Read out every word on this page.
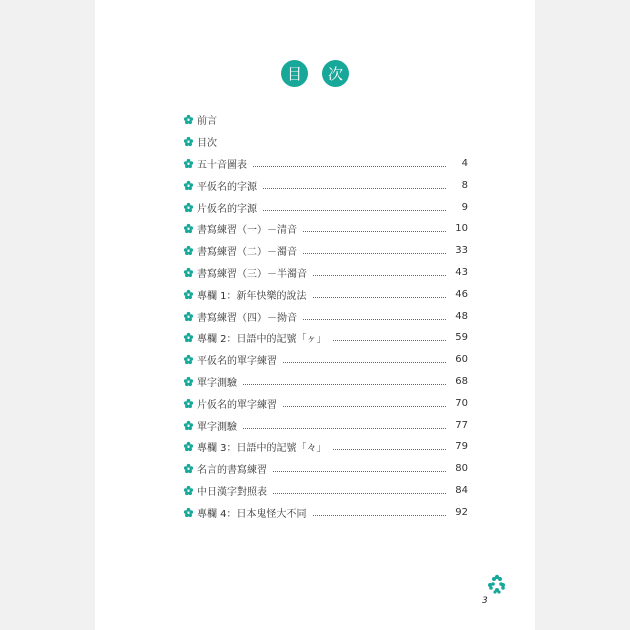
目	次
前言
目次
五十音圖表	4
平仮名的字源	8
片仮名的字源	9
書寫練習（一）－清音	10
書寫練習（二）－濁音	33
書寫練習（三）－半濁音	43
專欄 1：新年快樂的說法	46
書寫練習（四）－拗音	48
專欄 2：日語中的記號「ヶ」	59
平仮名的單字練習	60
單字測驗	68
片仮名的單字練習	70
單字測驗	77
專欄 3：日語中的記號「々」	79
名言的書寫練習	80
中日漢字對照表	84
專欄 4：日本鬼怪大不同	92
3
